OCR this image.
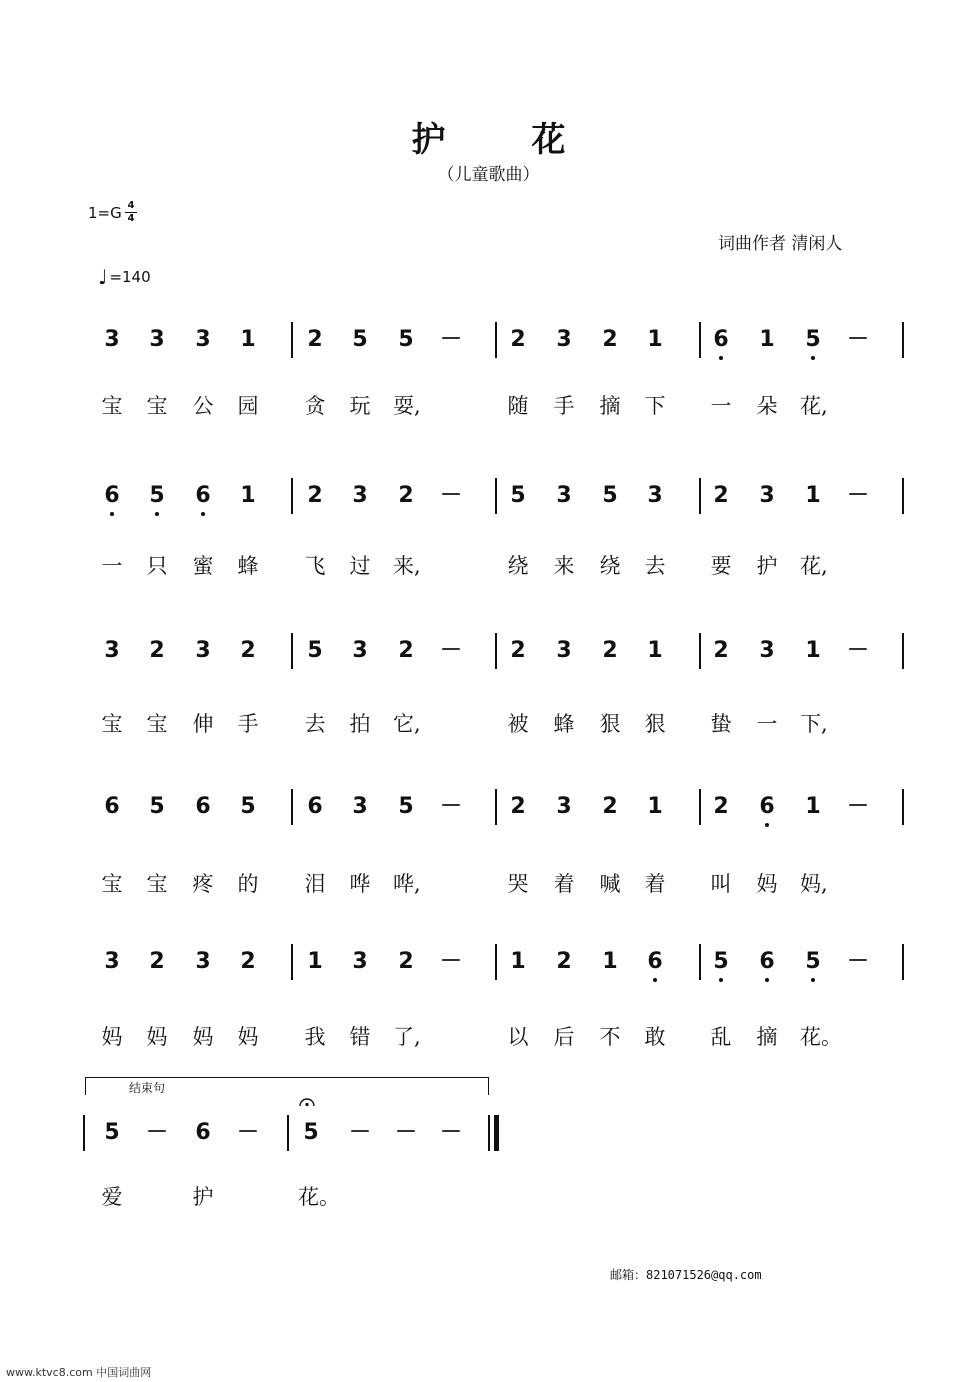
护　花
（儿童歌曲）
1=G 4
4
♩ =140
词曲作者 清闲人
3 3 3 1 2 5 5 － 2 3 2 1 6 1 5 －
宝 宝 公 园 贪 玩 耍,	随 手 摘 下 一 朵 花,
6 5 6 1 2 3 2 － 5 3 5 3 2 3 1 －
一 只 蜜 蜂 飞 过 来,	绕 来 绕 去 要 护 花,
3 2 3 2 5 3 2 － 2 3 2 1 2 3 1 －
宝 宝 伸 手 去 拍 它,	被 蜂 狠 狠 蛰 一 下,
6 5 6 5 6 3 5 － 2 3 2 1 2 6 1 －
宝 宝 疼 的 泪 哗 哗,	哭 着 喊 着 叫 妈 妈,
3 2 3 2 1 3 2 － 1 2 1 6 5 6 5 －
妈 妈 妈 妈 我 错 了,	以 后 不 敢 乱 摘 花。
5 － 6 － 5 － － －
爱	护	花。
结束句
邮箱：821071526@qq.com
www.ktvc8.com 中国词曲网
